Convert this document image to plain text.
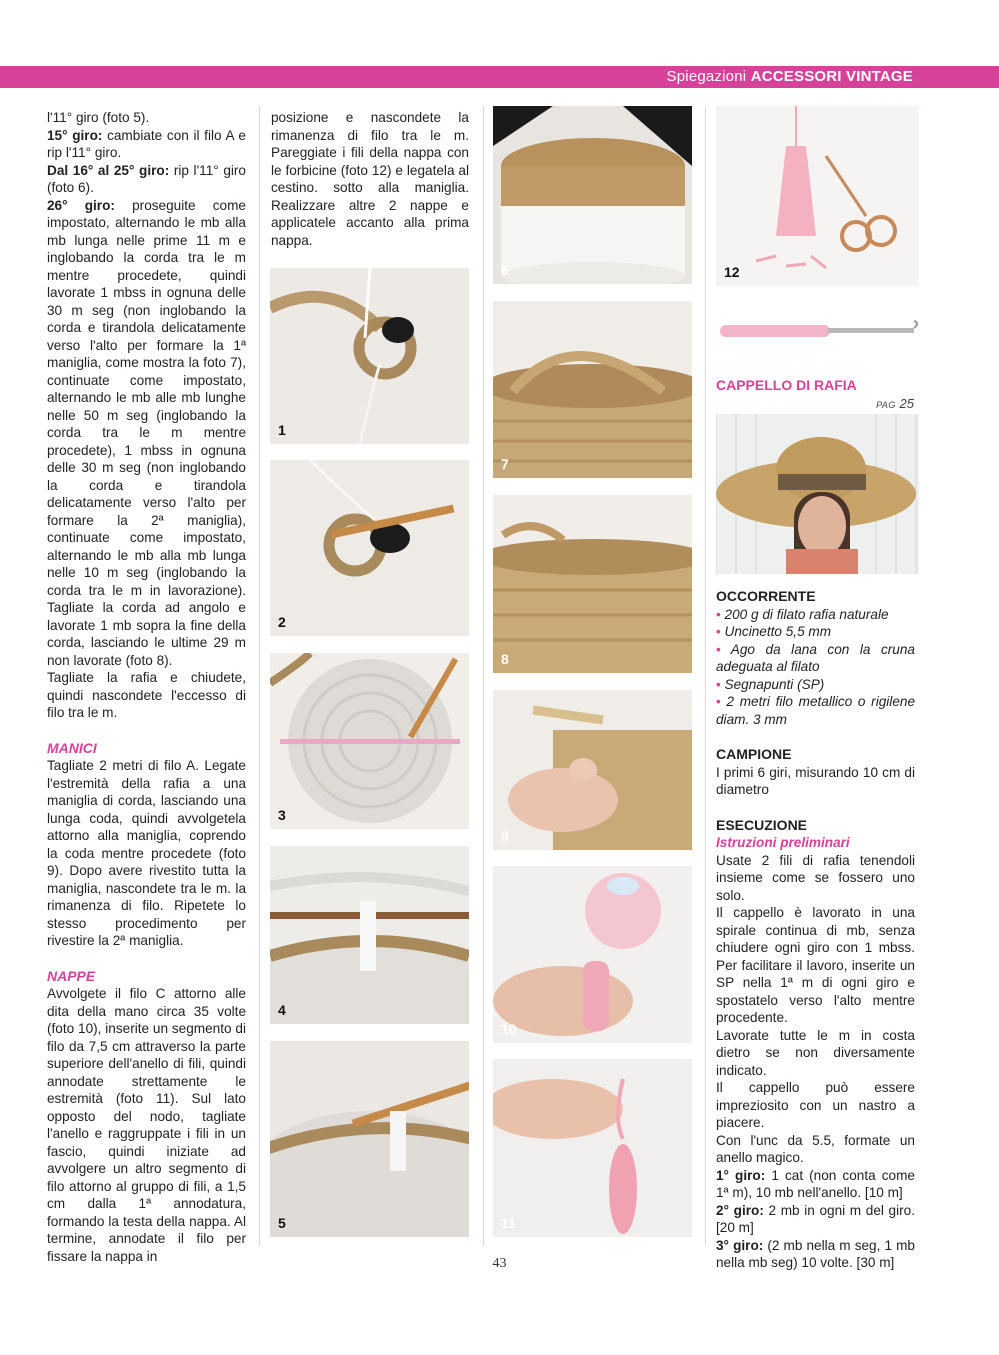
Spiegazioni ACCESSORI VINTAGE

l'11° giro (foto 5).

15° giro: cambiate con il filo A e rip l'11° giro.

Dal 16° al 25° giro: rip l'11° giro (foto 6).

26° giro: proseguite come impostato, alternando le mb alla mb lunga nelle prime 11 m e inglobando la corda tra le m mentre procedete, quindi lavorate 1 mbss in ognuna delle 30 m seg (non inglobando la corda e tirandola delicatamente verso l'alto per formare la 1ª maniglia, come mostra la foto 7), continuate come impostato, alternando le mb alle mb lunghe nelle 50 m seg (inglobando la corda tra le m mentre procedete), 1 mbss in ognuna delle 30 m seg (non inglobando la corda e tirandola delicatamente verso l'alto per formare la 2ª maniglia), continuate come impostato, alternando le mb alla mb lunga nelle 10 m seg (inglobando la corda tra le m in lavorazione). Tagliate la corda ad angolo e lavorate 1 mb sopra la fine della corda, lasciando le ultime 29 m non lavorate (foto 8).

Tagliate la rafia e chiudete, quindi nascondete l'eccesso di filo tra le m.

MANICI

Tagliate 2 metri di filo A. Legate l'estremità della rafia a una maniglia di corda, lasciando una lunga coda, quindi avvolgetela attorno alla maniglia, coprendo la coda mentre procedete (foto 9). Dopo avere rivestito tutta la maniglia, nascondete tra le m. la rimanenza di filo. Ripetete lo stesso procedimento per rivestire la 2ª maniglia.

NAPPE

Avvolgete il filo C attorno alle dita della mano circa 35 volte (foto 10), inserite un segmento di filo da 7,5 cm attraverso la parte superiore dell'anello di fili, quindi annodate strettamente le estremità (foto 11). Sul lato opposto del nodo, tagliate l'anello e raggruppate i fili in un fascio, quindi iniziate ad avvolgere un altro segmento di filo attorno al gruppo di fili, a 1,5 cm dalla 1ª annodatura, formando la testa della nappa. Al termine, annodate il filo per fissare la nappa in

posizione e nascondete la rimanenza di filo tra le m. Pareggiate i fili della nappa con le forbicine (foto 12) e legatela al cestino. sotto alla maniglia. Realizzare altre 2 nappe e applicatele accanto alla prima nappa.

1
2
3
4
5
6
7
8
9
10
11
12
CAPPELLO DI RAFIA
PAG 25
OCCORRENTE

• 200 g di filato rafia naturale

• Uncinetto 5,5 mm

• Ago da lana con la cruna adeguata al filato

• Segnapunti (SP)

• 2 metri filo metallico o rigilene diam. 3 mm

CAMPIONE

I primi 6 giri, misurando 10 cm di diametro

ESECUZIONE
Istruzioni preliminari

Usate 2 fili di rafia tenendoli insieme come se fossero uno solo.

Il cappello è lavorato in una spirale continua di mb, senza chiudere ogni giro con 1 mbss. Per facilitare il lavoro, inserite un SP nella 1ª m di ogni giro e spostatelo verso l'alto mentre procedente.

Lavorate tutte le m in costa dietro se non diversamente indicato.

Il cappello può essere impreziosito con un nastro a piacere.

Con l'unc da 5.5, formate un anello magico.

1° giro: 1 cat (non conta come 1ª m), 10 mb nell'anello. [10 m]

2° giro: 2 mb in ogni m del giro. [20 m]

3° giro: (2 mb nella m seg, 1 mb nella mb seg) 10 volte. [30 m]

43
